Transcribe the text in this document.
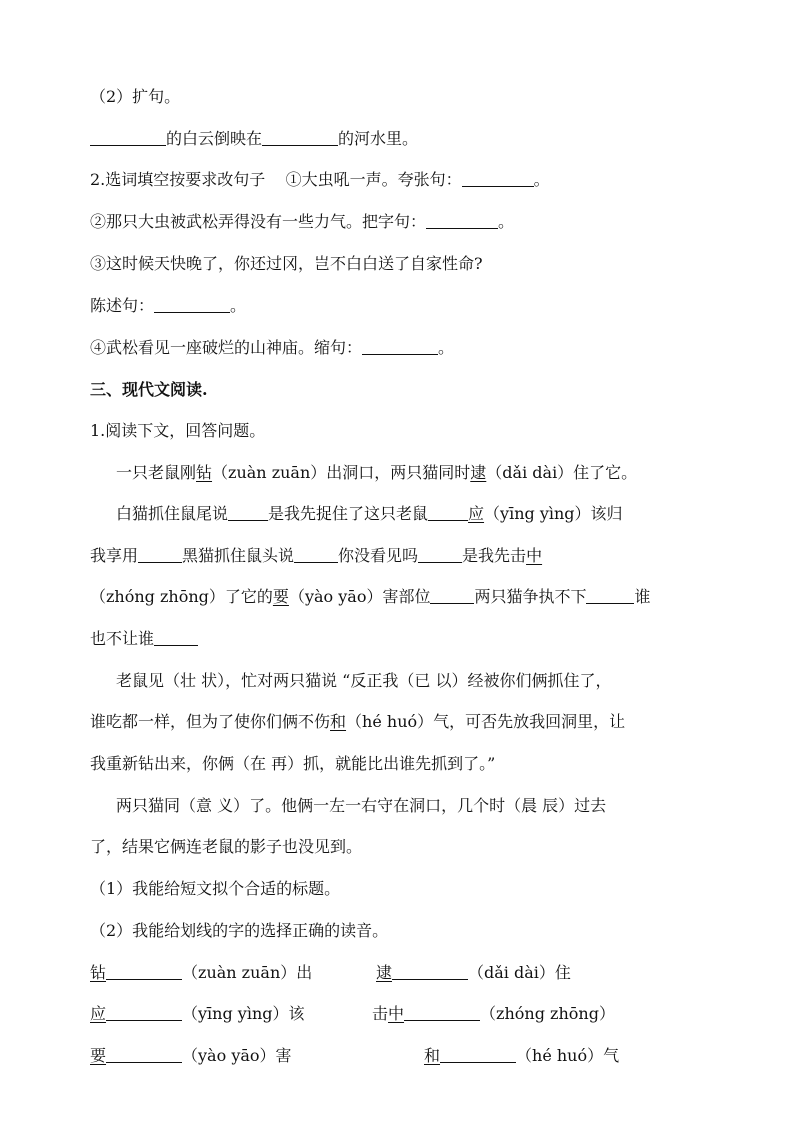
（2）扩句。
的白云倒映在	的河水里。
2.选词填空按要求改句子 ①大虫吼一声。夸张句：	。
②那只大虫被武松弄得没有一些力气。把字句：	。
③这时候天快晚了，你还过冈，岂不白白送了自家性命?
陈述句：	。
④武松看见一座破烂的山神庙。缩句：	。
三、现代文阅读.
1.阅读下文，回答问题。
一只老鼠刚钻（zuàn zuān）出洞口，两只猫同时逮（dǎi dài）住了它。
白猫抓住鼠尾说	是我先捉住了这只老鼠	应（yīng yìng）该归
我享用	黑猫抓住鼠头说	你没看见吗	是我先击中
（zhóng zhōng）了它的要（yào yāo）害部位	两只猫争执不下	谁
也不让谁
老鼠见（壮 状），忙对两只猫说 “反正我（已 以）经被你们俩抓住了，
谁吃都一样，但为了使你们俩不伤和（hé huó）气，可否先放我回洞里，让
我重新钻出来，你俩（在 再）抓，就能比出谁先抓到了。”
两只猫同（意 义）了。他俩一左一右守在洞口，几个时（晨 辰）过去
了，结果它俩连老鼠的影子也没见到。
（1）我能给短文拟个合适的标题。
（2）我能给划线的字的选择正确的读音。
钻	（zuàn zuān）出	逮	（dǎi dài）住
应	（yīng yìng）该	击中	（zhóng zhōng）
要	（yào yāo）害	和	（hé huó）气
